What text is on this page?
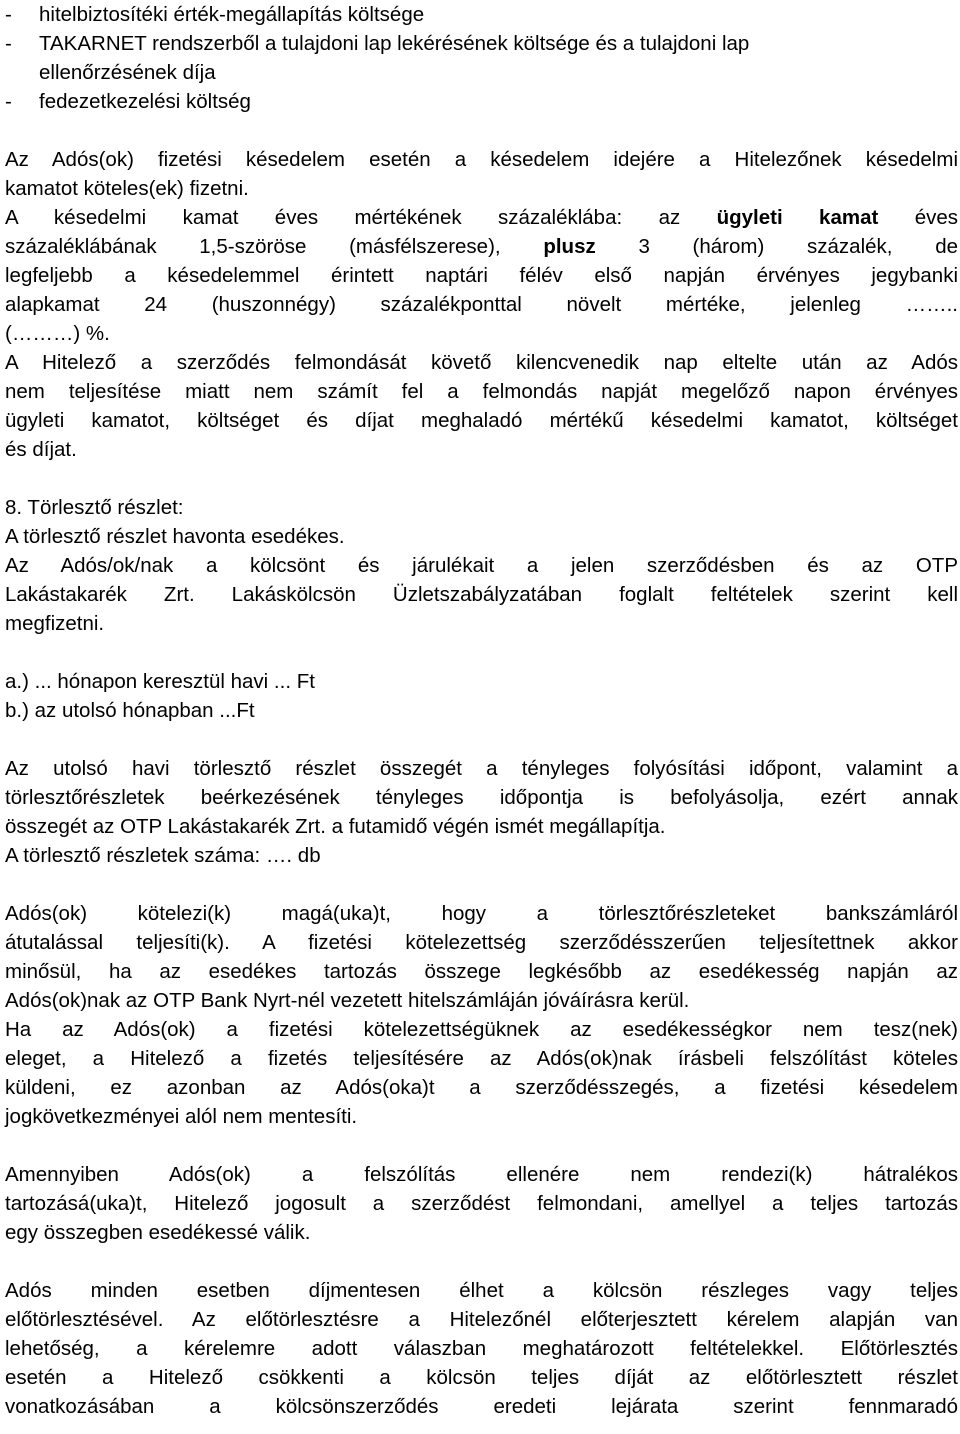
-	hitelbiztosítéki érték-megállapítás költsége
-	TAKARNET rendszerből a tulajdoni lap lekérésének költsége és a tulajdoni lap
ellenőrzésének díja
-	fedezetkezelési költség

Az Adós(ok) fizetési késedelem esetén a késedelem idejére a Hitelezőnek késedelmi

kamatot köteles(ek) fizetni.

A késedelmi kamat éves mértékének százaléklába: az ügyleti kamat éves

százaléklábának 1,5-szöröse (másfélszerese), plusz 3 (három) százalék, de

legfeljebb a késedelemmel érintett naptári félév első napján érvényes jegybanki

alapkamat 24 (huszonnégy) százalékponttal növelt mértéke, jelenleg ……..

(………) %.

A Hitelező a szerződés felmondását követő kilencvenedik nap eltelte után az Adós

nem teljesítése miatt nem számít fel a felmondás napját megelőző napon érvényes

ügyleti kamatot, költséget és díjat meghaladó mértékű késedelmi kamatot, költséget

és díjat.

8. Törlesztő részlet:

A törlesztő részlet havonta esedékes.

Az Adós/ok/nak a kölcsönt és járulékait a jelen szerződésben és az OTP

Lakástakarék Zrt. Lakáskölcsön Üzletszabályzatában foglalt feltételek szerint kell

megfizetni.

a.) ... hónapon keresztül havi ... Ft

b.) az utolsó hónapban ...Ft

Az utolsó havi törlesztő részlet összegét a tényleges folyósítási időpont, valamint a

törlesztőrészletek beérkezésének tényleges időpontja is befolyásolja, ezért annak

összegét az OTP Lakástakarék Zrt. a futamidő végén ismét megállapítja.

A törlesztő részletek száma: …. db

Adós(ok) kötelezi(k) magá(uka)t, hogy a törlesztőrészleteket bankszámláról

átutalással teljesíti(k). A fizetési kötelezettség szerződésszerűen teljesítettnek akkor

minősül, ha az esedékes tartozás összege legkésőbb az esedékesség napján az

Adós(ok)nak az OTP Bank Nyrt-nél vezetett hitelszámláján jóváírásra kerül.

Ha az Adós(ok) a fizetési kötelezettségüknek az esedékességkor nem tesz(nek)

eleget, a Hitelező a fizetés teljesítésére az Adós(ok)nak írásbeli felszólítást köteles

küldeni, ez azonban az Adós(oka)t a szerződésszegés, a fizetési késedelem

jogkövetkezményei alól nem mentesíti.

Amennyiben Adós(ok) a felszólítás ellenére nem rendezi(k) hátralékos

tartozásá(uka)t, Hitelező jogosult a szerződést felmondani, amellyel a teljes tartozás

egy összegben esedékessé válik.

Adós minden esetben díjmentesen élhet a kölcsön részleges vagy teljes

előtörlesztésével. Az előtörlesztésre a Hitelezőnél előterjesztett kérelem alapján van

lehetőség, a kérelemre adott válaszban meghatározott feltételekkel. Előtörlesztés

esetén a Hitelező csökkenti a kölcsön teljes díját az előtörlesztett részlet

vonatkozásában a kölcsönszerződés eredeti lejárata szerint fennmaradó
